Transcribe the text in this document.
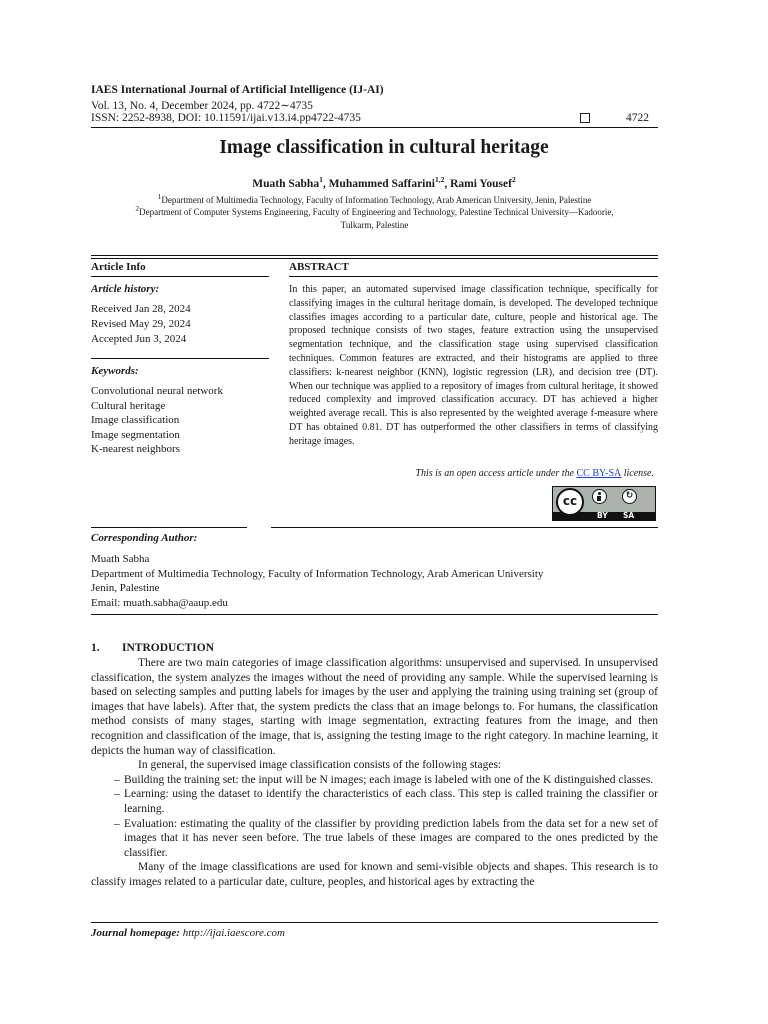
IAES International Journal of Artificial Intelligence (IJ-AI)
Vol. 13, No. 4, December 2024, pp. 4722∼4735
ISSN: 2252-8938, DOI: 10.11591/ijai.v13.i4.pp4722-4735	4722
Image classification in cultural heritage
Muath Sabha$^1$, Muhammed Saffarini$^{1,2}$, Rami Yousef$^2$
$^1$Department of Multimedia Technology, Faculty of Information Technology, Arab American University, Jenin, Palestine
$^2$Department of Computer Systems Engineering, Faculty of Engineering and Technology, Palestine Technical University—Kadoorie,
Tulkarm, Palestine
Article Info
Article history:
Received Jan 28, 2024
Revised May 29, 2024
Accepted Jun 3, 2024
Keywords:
Convolutional neural network
Cultural heritage
Image classification
Image segmentation
K-nearest neighbors
ABSTRACT

In this paper, an automated supervised image classification technique, specifically for classifying images in the cultural heritage domain, is developed. The developed technique classifies images according to a particular date, culture, people and historical age. The proposed technique consists of two stages, feature extraction using the unsupervised segmentation technique, and the classification stage using supervised classification techniques. Common features are extracted, and their histograms are applied to three classifiers: k-nearest neighbor (KNN), logistic regression (LR), and decision tree (DT). When our technique was applied to a repository of images from cultural heritage, it showed reduced complexity and improved classification accuracy. DT has achieved a higher weighted average recall. This is also represented by the weighted average f-measure where DT has obtained 0.81. DT has outperformed the other classifiers in terms of classifying heritage images.

This is an open access article under the CC BY-SA license.
cc	↻
BY SA
Corresponding Author:
Muath Sabha
Department of Multimedia Technology, Faculty of Information Technology, Arab American University
Jenin, Palestine
Email: muath.sabha@aaup.edu
1. INTRODUCTION

There are two main categories of image classification algorithms: unsupervised and supervised. In unsupervised classification, the system analyzes the images without the need of providing any sample. While the supervised learning is based on selecting samples and putting labels for images by the user and applying the training using training set (group of images that have labels). After that, the system predicts the class that an image belongs to. For humans, the classification method consists of many stages, starting with image segmentation, extracting features from the image, and then recognition and classification of the image, that is, assigning the testing image to the right category. In machine learning, it depicts the human way of classification.

In general, the supervised image classification consists of the following stages:

– Building the training set: the input will be N images; each image is labeled with one of the K distinguished classes.
– Learning: using the dataset to identify the characteristics of each class. This step is called training the classifier or learning.
– Evaluation: estimating the quality of the classifier by providing prediction labels from the data set for a new set of images that it has never seen before. The true labels of these images are compared to the ones predicted by the classifier.

Many of the image classifications are used for known and semi-visible objects and shapes. This research is to classify images related to a particular date, culture, peoples, and historical ages by extracting the

Journal homepage: http://ijai.iaescore.com
